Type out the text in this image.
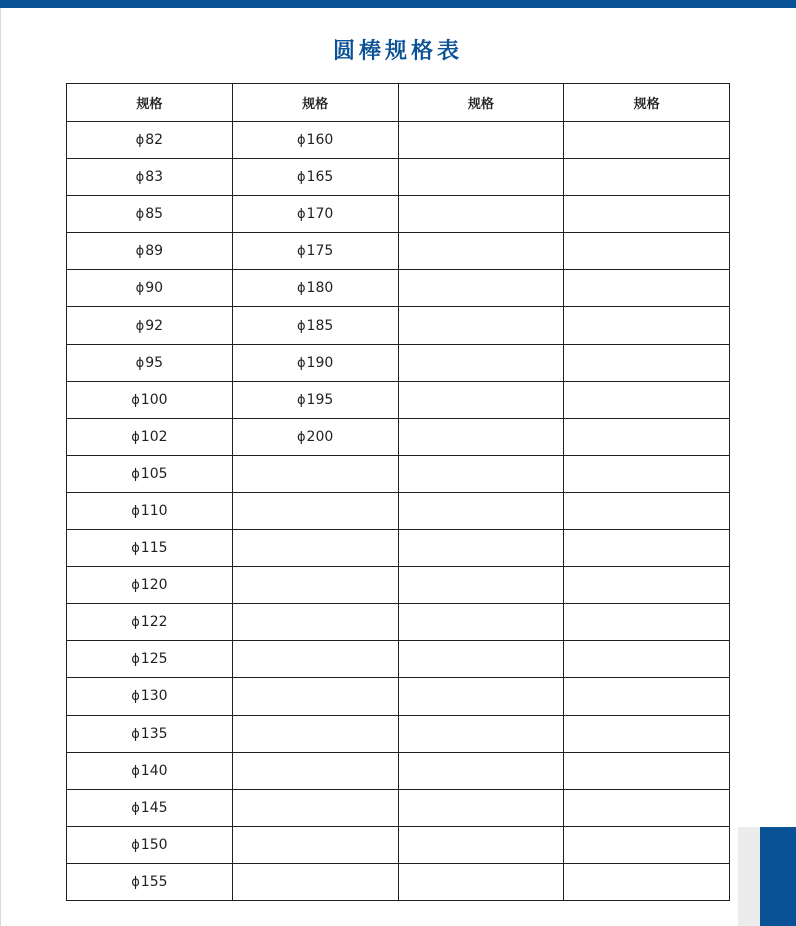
圆棒规格表
规格	规格	规格	规格
ϕ82	ϕ160		
ϕ83	ϕ165		
ϕ85	ϕ170		
ϕ89	ϕ175		
ϕ90	ϕ180		
ϕ92	ϕ185		
ϕ95	ϕ190		
ϕ100	ϕ195		
ϕ102	ϕ200		
ϕ105			
ϕ110			
ϕ115			
ϕ120			
ϕ122			
ϕ125			
ϕ130			
ϕ135			
ϕ140			
ϕ145			
ϕ150			
ϕ155			
